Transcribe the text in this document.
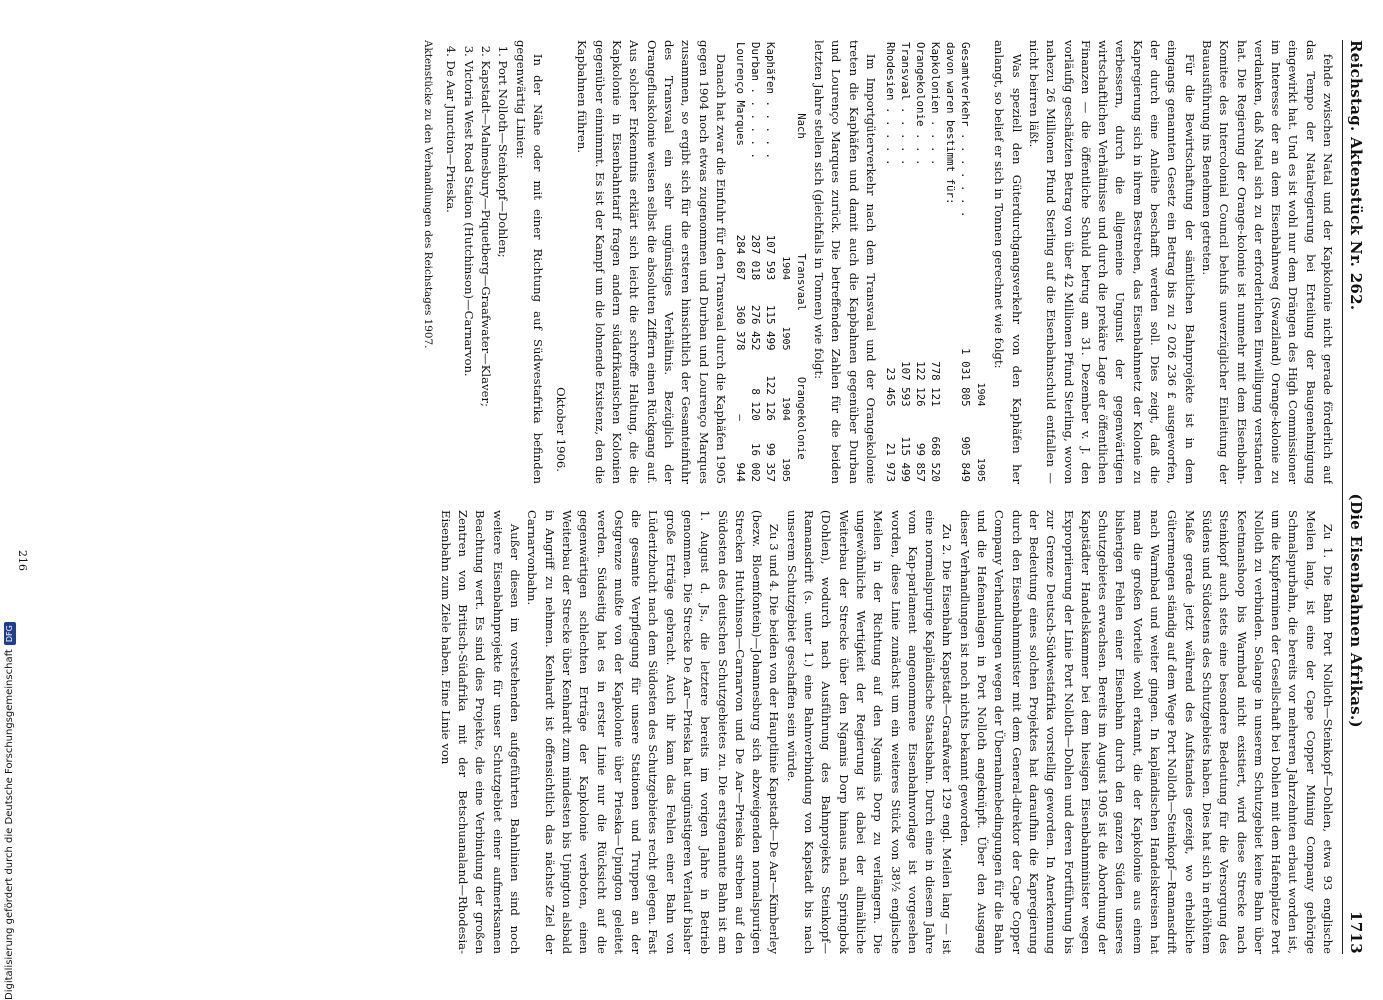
Reichstag. Aktenstück Nr. 262.
(Die Eisenbahnen Afrikas.)
1713

fehde zwischen Natal und der Kapkolonie nicht gerade förderlich auf das Tempo der Natalregierung bei Erteilung der Baugenehmigung eingewirkt hat. Und es ist wohl nur dem Drängen des High Commissioner im Interesse der an dem Eisenbahnweg (Swaziland) Orange-kolonie zu verdanken, daß Natal sich zu der erforderlichen Einwilligung verstanden hat. Die Regierung der Orange-kolonie ist nunmehr mit dem Eisenbahn-Komitee des Intercolonial Council behufs unverzüglicher Einleitung der Bauausführung ins Benehmen getreten.

Für die Bewirtschaftung der sämtlichen Bahnprojekte ist in dem eingangs genannten Gesetz ein Betrag bis zu 2 026 236 £ ausgeworfen, der durch eine Anleihe beschafft werden soll. Dies zeigt, daß die Kapregierung sich in ihrem Bestreben, das Eisenbahnnetz der Kolonie zu verbessern, durch die allgemeine Ungunst der gegenwärtigen wirtschaftlichen Verhältnisse und durch die prekäre Lage der öffentlichen Finanzen — die öffentliche Schuld betrug am 31. Dezember v. J. den vorläufig geschätzten Betrag von über 42 Millionen Pfund Sterling, wovon nahezu 26 Millionen Pfund Sterling auf die Eisenbahnschuld entfallen — nicht beirren läßt.

Was speziell den Güterdurchgangsverkehr von den Kaphäfen her anlangt, so belief er sich in Tonnen gerechnet wie folgt:

	1904	1905
Gesamtverkehr . . . . . . .	1 031 805	905 849
davon waren bestimmt für:		
Kapkolonien . . . .	778 121	668 520
Orangekolonie . . .	122 126	99 857
Transvaal . . . . .	107 593	115 499
Rhodesien . . . . .	23 465	21 973

Im Importgüterverkehr nach dem Transvaal und der Orangekolonie treten die Kaphäfen und damit auch die Kapbahnen gegenüber Durban und Lourenço Marques zurück. Die betreffenden Zahlen für die beiden letzten Jahre stellen sich (gleichfalls in Tonnen) wie folgt:

Nach	Transvaal		Orangekolonie	
	1904	1905	1904	1905
Kaphäfen . . . . .	107 593	115 499	122 126	99 357
Durban . . . . . .	287 018	276 452	8 120	16 002
Lourenço Marques	284 687	360 378	—	944

Danach hat zwar die Einfuhr für den Transvaal durch die Kaphäfen 1905 gegen 1904 noch etwas zugenommen und Durban und Lourenço Marques zusammen, so ergibt sich für die ersteren hinsichtlich der Gesamteinfuhr des Transvaal ein sehr ungünstiges Verhältnis. Bezüglich der Orangefluskolonie weisen selbst die absoluten Ziffern einen Rückgang auf. Aus solcher Erkenntnis erklärt sich leicht die schroffe Haltung, die die Kapkolonie in Eisenbahntarif fragen andern südafrikanischen Kolonien gegenüber einnimmt. Es ist der Kampf um die lohnende Existenz, den die Kapbahnen führen.

Oktober 1906.

In der Nähe oder mit einer Richtung auf Südwestafrika befinden gegenwärtig Linien:

1. Port Nolloth—Steinkopf—Dohlen;
2. Kapstadt—Malmesbury—Piquetberg—Graafwater—Klaver;
3. Victoria West Road Station (Hutchinson)—Carnarvon.
4. De Aar Junction—Prieska.
Aktenstücke zu den Verhandlungen des Reichstages 1907.

Zu 1. Die Bahn Port Nolloth—Steinkopf—Dohlen, etwa 93 englische Meilen lang, ist eine der Cape Copper Mining Company gehörige Schmalspurbahn, die bereits vor mehreren Jahrzehnten erbaut worden ist, um die Kupferminen der Gesellschaft bei Dohlen mit dem Hafenplatze Port Nolloth zu verbinden. Solange in unserem Schutzgebiet keine Bahn über Keetmanshoop bis Warmbad nicht existiert, wird diese Strecke nach Steinkopf auch stets eine besondere Bedeutung für die Versorgung des Südens und Südostens des Schutzgebiets haben. Dies hat sich in erhöhtem Maße gerade jetzt während des Aufstandes gezeigt, wo erhebliche Gütermengen ständig auf dem Wege Port Nolloth—Steinkopf—Ramansdrift nach Warmbad und weiter gingen. In kapländischen Handelskreisen hat man die großen Vorteile wohl erkannt, die der Kapkolonie aus einem bisherigen Fehlen einer Eisenbahn durch den ganzen Süden unseres Schutzgebietes erwachsen. Bereits im August 1905 ist die Abordnung der Kapstädter Handelskammer bei dem hiesigen Eisenbahnminister wegen Expropriierung der Linie Port Nolloth—Dohlen und deren Fortführung bis zur Grenze Deutsch-Südwestafrika vorstellig geworden. In Anerkennung der Bedeutung eines solchen Projektes hat daraufhin die Kapregierung durch den Eisenbahnminister mit dem General-direktor der Cape Copper Company Verhandlungen wegen der Übernahmebedingungen für die Bahn und die Hafenanlagen in Port Nolloth angeknüpft. Über den Ausgang dieser Verhandlungen ist noch nichts bekannt geworden.

Zu 2. Die Eisenbahn Kapstadt—Graafwater 129 engl. Meilen lang — ist eine normalspurige Kapländische Staatsbahn. Durch eine in diesem Jahre vom Kap-parlament angenommene Eisenbahnvorlage ist vorgesehen worden, diese Linie zunächst um ein weiteres Stück von 38½ englische Meilen in der Richtung auf den Ngamis Dorp zu verlängern. Die ungewöhnliche Wertigkeit der Regierung ist dabei der allmähliche Weiterbau der Strecke über den Ngamis Dorp hinaus nach Springbok (Dohlen), wodurch nach Ausführung des Bahnprojekts Steinkopf—Ramansdrift (s. unter 1.) eine Bahnverbindung von Kapstadt bis nach unserem Schutzgebiet geschaffen sein würde.

Zu 3 und 4. Die beiden von der Hauptlinie Kapstadt—De Aar—Kimberley (bezw. Bloemfontein)—Johannesburg sich abzweigenden normalspurigen Strecken Hutchinson—Carnarvon und De Aar—Prieska streben auf den Südosten des deutschen Schutzgebietes zu. Die erstgenannte Bahn ist am 1. August d. Js., die letztere bereits im vorigen Jahre in Betrieb genommen. Die Strecke De Aar—Prieska hat ungünstigeren Verlauf bisher große Erträge gebracht. Auch ihr kam das Fehlen einer Bahn von Lüderitzbucht nach dem Südosten des Schutzgebietes recht gelegen. Fast die gesamte Verpflegung für unsere Stationen und Truppen an der Ostgrenze mußte von der Kapkolonie über Prieska—Upington geleitet werden. Südseitig hat es in erster Linie nur die Rücksicht auf die gegenwärtigen schlechten Erträge der Kapkolonie verboten, einen Weiterbau der Strecke über Kenhardt zum mindesten bis Upington alsbald in Angriff zu nehmen. Kenhardt ist offensichtlich das nächste Ziel der Carnarvonbahn.

Außer diesen im vorstehenden aufgeführten Bahnlinien sind noch weitere Eisenbahnprojekte für unser Schutzgebiet einer aufmerksamen Beachtung wert. Es sind dies Projekte, die eine Verbindung der großen Zentren von Britisch-Südafrika mit der Betschuanaland—Rhodesia-Eisenbahn zum Ziele haben. Eine Linie von

216
Digitalisierung gefördert durch die Deutsche ForschungsgemeinschaftDFG
